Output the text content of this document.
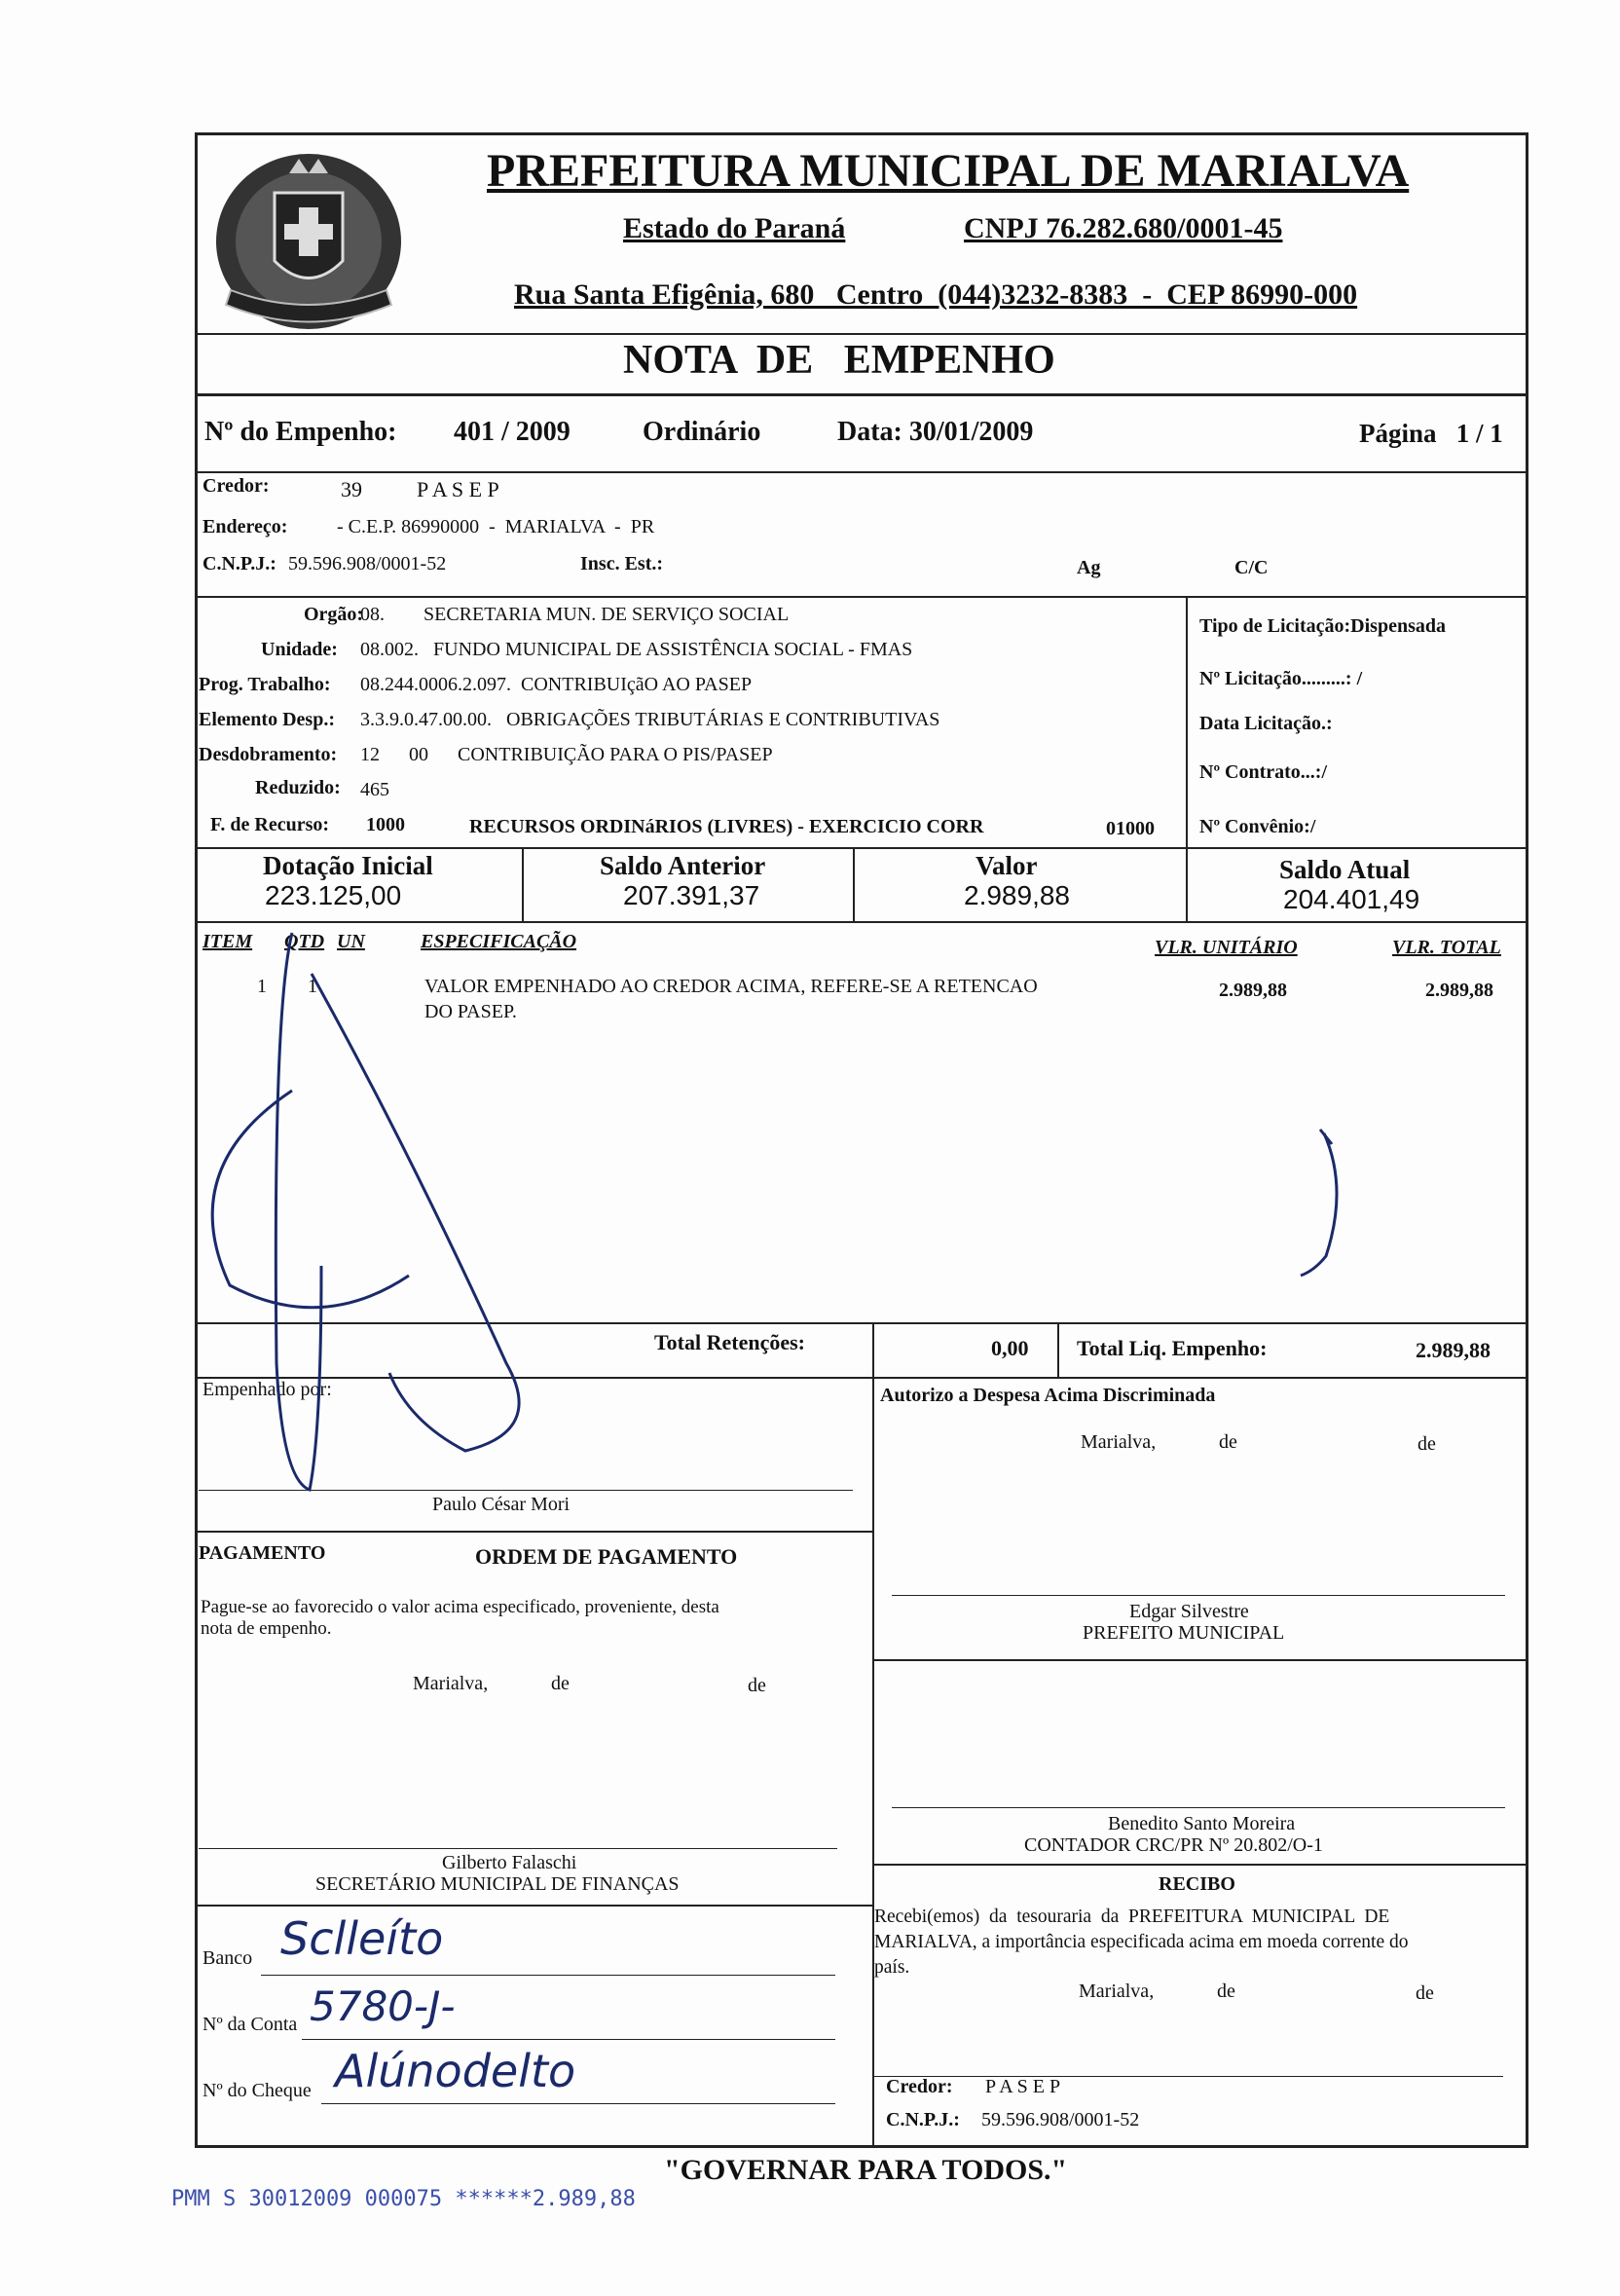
PREFEITURA MUNICIPAL DE MARIALVA
Estado do Paraná	CNPJ 76.282.680/0001-45
Rua Santa Efigênia, 680   Centro  (044)3232-8383  -  CEP 86990-000
NOTA  DE   EMPENHO
Nº do Empenho: 401 / 2009	Ordinário	Data: 30/01/2009	Página   1 / 1
Credor:	39	P A S E P
Endereço:	- C.E.P. 86990000  -  MARIALVA  -  PR
C.N.P.J.: 59.596.908/0001-52	Insc. Est.:	Ag	C/C
Orgão:
08.        SECRETARIA MUN. DE SERVIÇO SOCIAL
Unidade: 08.002.   FUNDO MUNICIPAL DE ASSISTÊNCIA SOCIAL - FMAS
Prog. Trabalho: 08.244.0006.2.097.  CONTRIBUIçãO AO PASEP
Elemento Desp.: 3.3.9.0.47.00.00.   OBRIGAÇÕES TRIBUTÁRIAS E CONTRIBUTIVAS
Desdobramento: 12      00      CONTRIBUIÇÃO PARA O PIS/PASEP
Reduzido: 465
F. de Recurso: 1000	RECURSOS ORDINáRIOS (LIVRES) - EXERCICIO CORR	01000
Tipo de Licitação:Dispensada
Nº Licitação.........: /
Data Licitação.:
Nº Contrato...:/
Nº Convênio:/
Dotação Inicial
223.125,00
Saldo Anterior
207.391,37
Valor
2.989,88
Saldo Atual
204.401,49
ITEM QTD UN	ESPECIFICAÇÃO	VLR. UNITÁRIO	VLR. TOTAL
1 1	VALOR EMPENHADO AO CREDOR ACIMA, REFERE-SE A RETENCAO
DO PASEP.
2.989,88	2.989,88
Total Retenções:	0,00 Total Liq. Empenho:	2.989,88
Empenhado por:
Paulo César Mori
Autorizo a Despesa Acima Discriminada
Marialva,	de	de
Edgar Silvestre
PREFEITO MUNICIPAL
PAGAMENTO	ORDEM DE PAGAMENTO
Pague-se ao favorecido o valor acima especificado, proveniente, desta
nota de empenho.
Marialva,	de	de
Gilberto Falaschi
SECRETÁRIO MUNICIPAL DE FINANÇAS
Benedito Santo Moreira
CONTADOR CRC/PR Nº 20.802/O-1
RECIBO
Recebi(emos)  da  tesouraria  da  PREFEITURA  MUNICIPAL  DE
MARIALVA, a importância especificada acima em moeda corrente do
país.
Marialva,	de	de
Credor: P A S E P
C.N.P.J.: 59.596.908/0001-52
Banco Sclleíto
Nº da Conta 5780-J-
Nº do Cheque Alúnodelto
"GOVERNAR PARA TODOS."
PMM S 30012009 000075 ******2.989,88
